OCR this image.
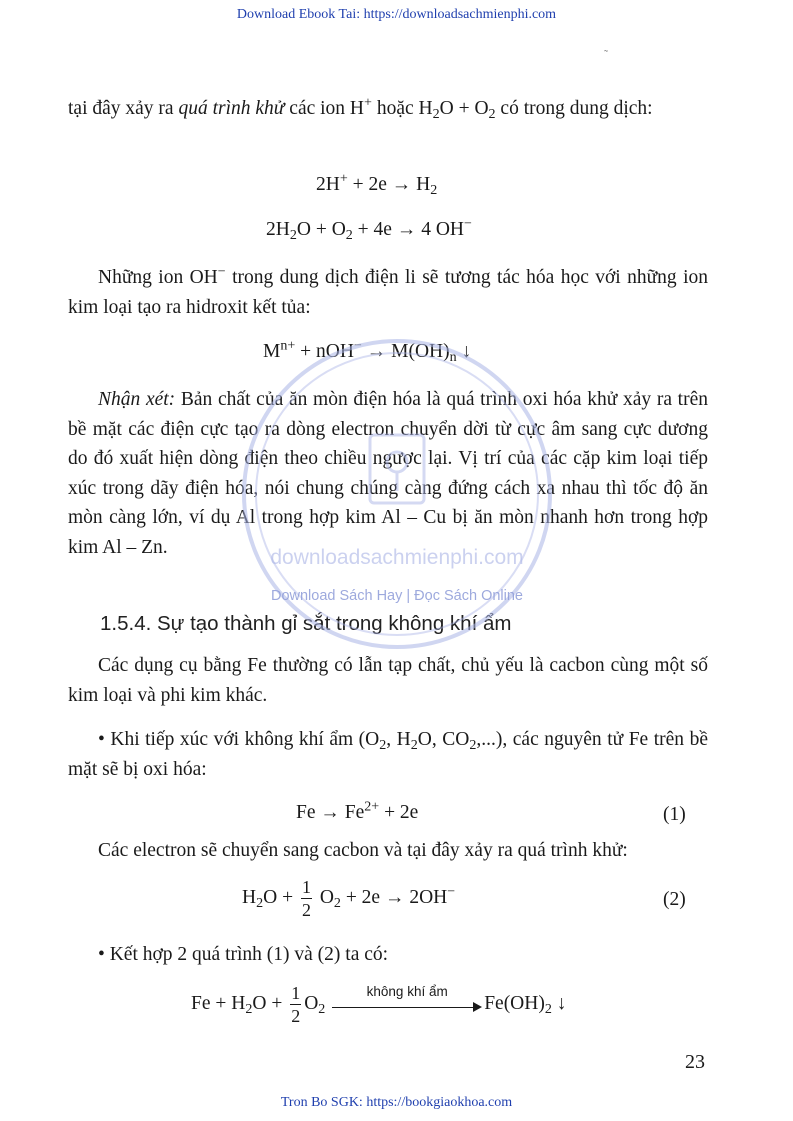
Download Ebook Tai: https://downloadsachmienphi.com
˜

tại đây xảy ra quá trình khử các ion H+ hoặc $H_2O + O_2$ có trong dung dịch:

$2H^+ + 2e \to H_2$
$2H_2O + O_2 + 4e \to 4$ OH−

Những ion OH− trong dung dịch điện li sẽ tương tác hóa học với những ion kim loại tạo ra hidroxit kết tủa:

$M^{n+} + nOH^- \to M(OH)_n$ ↓

Nhận xét: Bản chất của ăn mòn điện hóa là quá trình oxi hóa khử xảy ra trên bề mặt các điện cực tạo ra dòng electron chuyển dời từ cực âm sang cực dương do đó xuất hiện dòng điện theo chiều ngược lại. Vị trí của các cặp kim loại tiếp xúc trong dãy điện hóa, nói chung chúng càng đứng cách xa nhau thì tốc độ ăn mòn càng lớn, ví dụ Al trong hợp kim Al – Cu bị ăn mòn nhanh hơn trong hợp kim Al – Zn.

1.5.4. Sự tạo thành gỉ sắt trong không khí ẩm

Các dụng cụ bằng Fe thường có lẫn tạp chất, chủ yếu là cacbon cùng một số kim loại và phi kim khác.

• Khi tiếp xúc với không khí ẩm ($O_2$, $H_2O$, $CO_2$,...), các nguyên tử Fe trên bề mặt sẽ bị oxi hóa:

$Fe \to Fe^{2+} + 2e$	(1)

Các electron sẽ chuyển sang cacbon và tại đây xảy ra quá trình khử:

$H_2O + \frac{1}{2} O_2 + 2e \to 2OH^-$	(2)

• Kết hợp 2 quá trình (1) và (2) ta có:

$Fe + H_2O + \frac{1}{2} O_2$
không khí ẩm
$Fe(OH)_2$ ↓
downloadsachmienphi.com
Download Sách Hay | Đọc Sách Online
23
Tron Bo SGK: https://bookgiaokhoa.com
